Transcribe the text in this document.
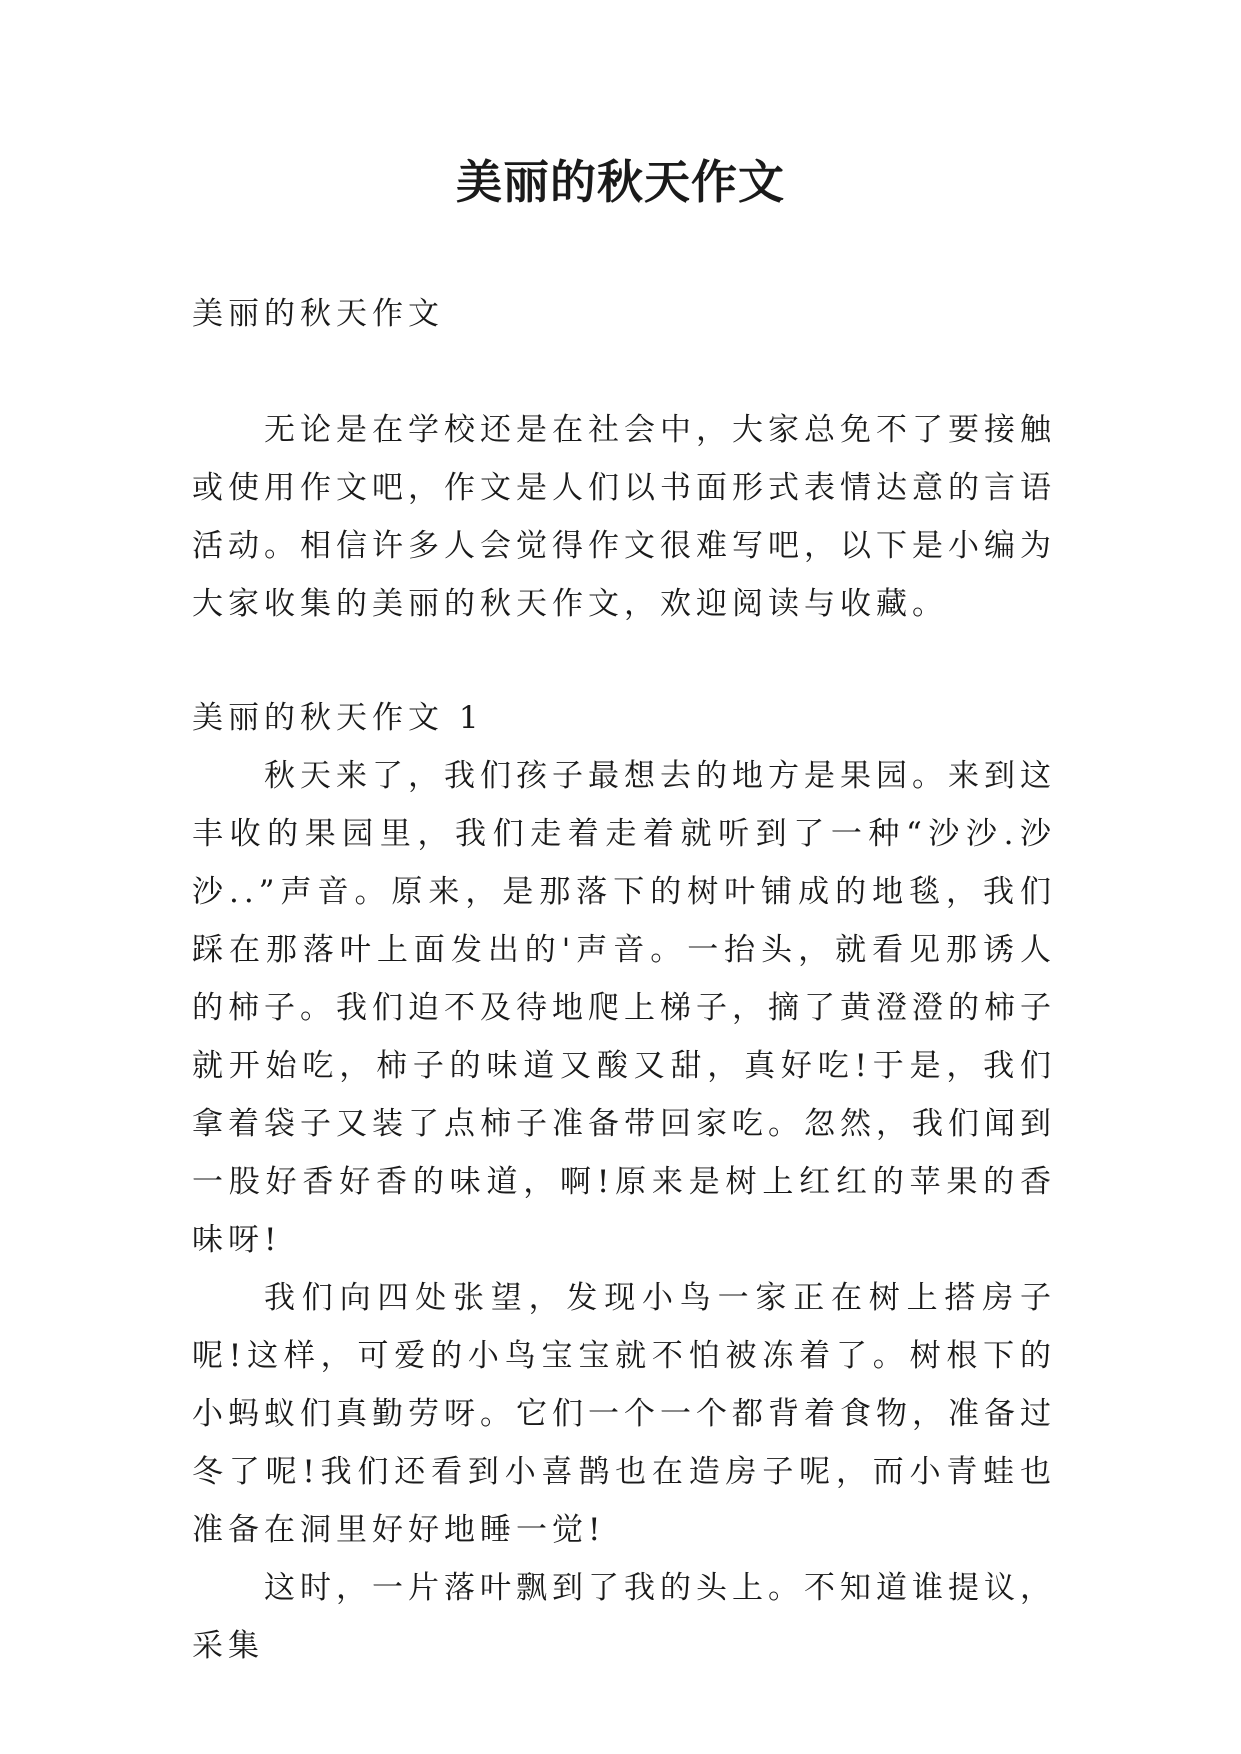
美丽的秋天作文

美丽的秋天作文

无论是在学校还是在社会中，大家总免不了要接触或使用作文吧，作文是人们以书面形式表情达意的言语活动。相信许多人会觉得作文很难写吧，以下是小编为大家收集的美丽的秋天作文，欢迎阅读与收藏。

美丽的秋天作文 1

秋天来了，我们孩子最想去的地方是果园。来到这丰收的果园里，我们走着走着就听到了一种“沙沙.沙沙..”声音。原来，是那落下的树叶铺成的地毯，我们踩在那落叶上面发出的'声音。一抬头，就看见那诱人的柿子。我们迫不及待地爬上梯子，摘了黄澄澄的柿子就开始吃，柿子的味道又酸又甜，真好吃!于是，我们拿着袋子又装了点柿子准备带回家吃。忽然，我们闻到一股好香好香的味道，啊!原来是树上红红的苹果的香味呀!

我们向四处张望，发现小鸟一家正在树上搭房子呢!这样，可爱的小鸟宝宝就不怕被冻着了。树根下的小蚂蚁们真勤劳呀。它们一个一个都背着食物，准备过冬了呢!我们还看到小喜鹊也在造房子呢，而小青蛙也准备在洞里好好地睡一觉!

这时，一片落叶飘到了我的头上。不知道谁提议，采集
